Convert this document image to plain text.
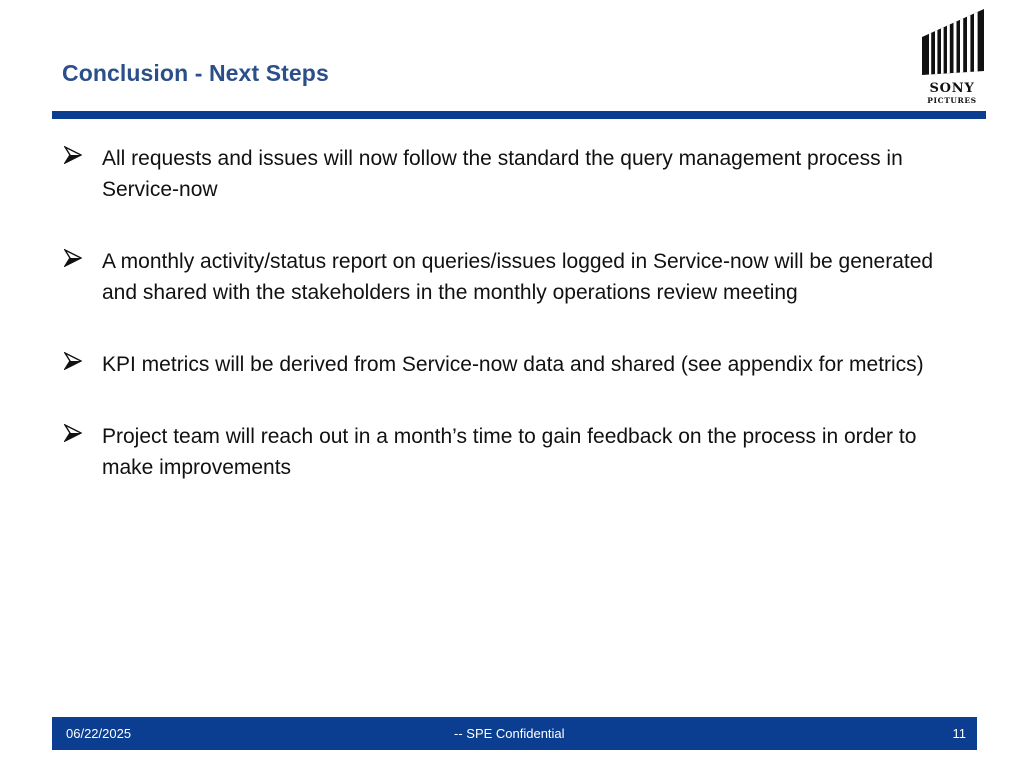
Conclusion - Next Steps
SONY
PICTURES
All requests and issues will now follow the standard the query management process in Service-now
A monthly activity/status report on queries/issues logged in Service-now will be generated and shared with the stakeholders in the monthly operations review meeting
KPI metrics will be derived from Service-now data and shared (see appendix for metrics)
Project team will reach out in a month’s time to gain feedback on the process in order to make improvements
06/22/2025	-- SPE Confidential	11
